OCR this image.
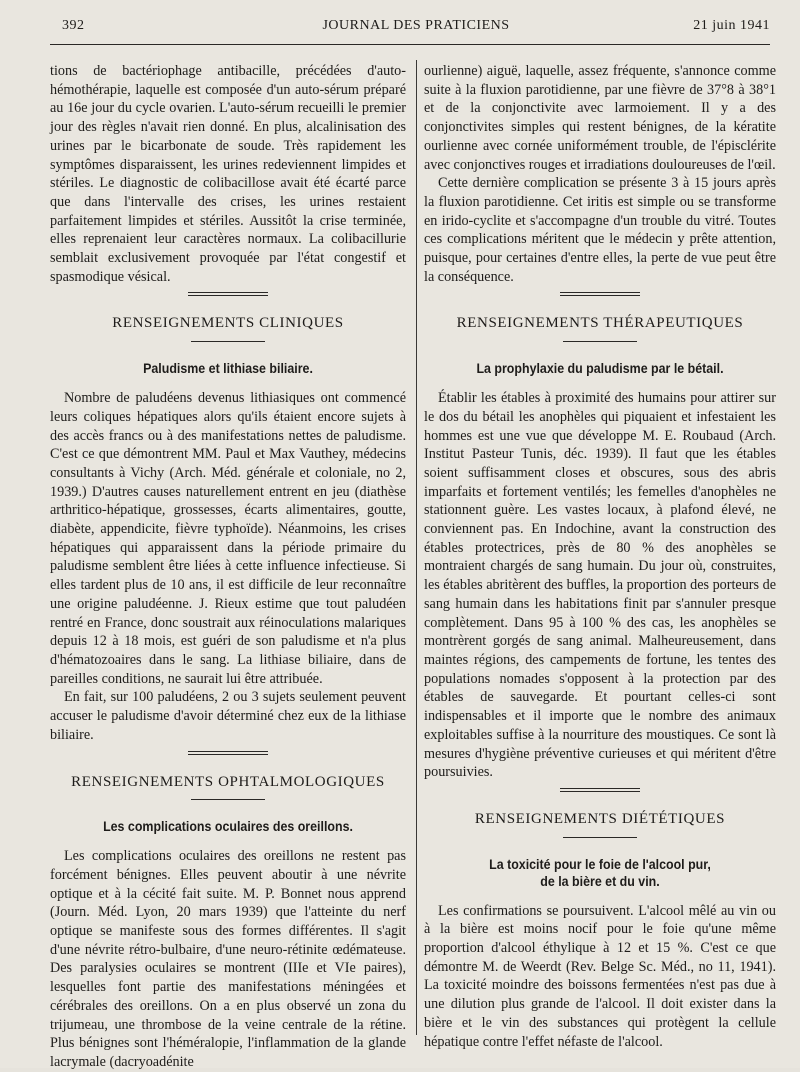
392	JOURNAL DES PRATICIENS	21 juin 1941

tions de bactériophage antibacille, précédées d'auto-hémothérapie, laquelle est composée d'un auto-sérum préparé au 16e jour du cycle ovarien. L'auto-sérum recueilli le premier jour des règles n'avait rien donné. En plus, alcalinisation des urines par le bicarbonate de soude. Très rapidement les symptômes disparaissent, les urines redeviennent limpides et stériles. Le diagnostic de colibacillose avait été écarté parce que dans l'intervalle des crises, les urines restaient parfaitement limpides et stériles. Aussitôt la crise terminée, elles reprenaient leur caractères normaux. La colibacillurie semblait exclusivement provoquée par l'état congestif et spasmodique vésical.

RENSEIGNEMENTS CLINIQUES
Paludisme et lithiase biliaire.

Nombre de paludéens devenus lithiasiques ont commencé leurs coliques hépatiques alors qu'ils étaient encore sujets à des accès francs ou à des manifestations nettes de paludisme. C'est ce que démontrent MM. Paul et Max Vauthey, médecins consultants à Vichy (Arch. Méd. générale et coloniale, no 2, 1939.) D'autres causes naturellement entrent en jeu (diathèse arthritico-hépatique, grossesses, écarts alimentaires, goutte, diabète, appendicite, fièvre typhoïde). Néanmoins, les crises hépatiques qui apparaissent dans la période primaire du paludisme semblent être liées à cette influence infectieuse. Si elles tardent plus de 10 ans, il est difficile de leur reconnaître une origine paludéenne. J. Rieux estime que tout paludéen rentré en France, donc soustrait aux réinoculations malariques depuis 12 à 18 mois, est guéri de son paludisme et n'a plus d'hématozoaires dans le sang. La lithiase biliaire, dans de pareilles conditions, ne saurait lui être attribuée.

En fait, sur 100 paludéens, 2 ou 3 sujets seulement peuvent accuser le paludisme d'avoir déterminé chez eux de la lithiase biliaire.

RENSEIGNEMENTS OPHTALMOLOGIQUES
Les complications oculaires des oreillons.

Les complications oculaires des oreillons ne restent pas forcément bénignes. Elles peuvent aboutir à une névrite optique et à la cécité fait suite. M. P. Bonnet nous apprend (Journ. Méd. Lyon, 20 mars 1939) que l'atteinte du nerf optique se manifeste sous des formes différentes. Il s'agit d'une névrite rétro-bulbaire, d'une neuro-rétinite œdémateuse. Des paralysies oculaires se montrent (IIIe et VIe paires), lesquelles font partie des manifestations méningées et cérébrales des oreillons. On a en plus observé un zona du trijumeau, une thrombose de la veine centrale de la rétine. Plus bénignes sont l'héméralopie, l'inflammation de la glande lacrymale (dacryoadénite

ourlienne) aiguë, laquelle, assez fréquente, s'annonce comme suite à la fluxion parotidienne, par une fièvre de 37°8 à 38°1 et de la conjonctivite avec larmoiement. Il y a des conjonctivites simples qui restent bénignes, de la kératite ourlienne avec cornée uniformément trouble, de l'épisclérite avec conjonctives rouges et irradiations douloureuses de l'œil.

Cette dernière complication se présente 3 à 15 jours après la fluxion parotidienne. Cet iritis est simple ou se transforme en irido-cyclite et s'accompagne d'un trouble du vitré. Toutes ces complications méritent que le médecin y prête attention, puisque, pour certaines d'entre elles, la perte de vue peut être la conséquence.

RENSEIGNEMENTS THÉRAPEUTIQUES
La prophylaxie du paludisme par le bétail.

Établir les étables à proximité des humains pour attirer sur le dos du bétail les anophèles qui piquaient et infestaient les hommes est une vue que développe M. E. Roubaud (Arch. Institut Pasteur Tunis, déc. 1939). Il faut que les étables soient suffisamment closes et obscures, sous des abris imparfaits et fortement ventilés; les femelles d'anophèles ne stationnent guère. Les vastes locaux, à plafond élevé, ne conviennent pas. En Indochine, avant la construction des étables protectrices, près de 80 % des anophèles se montraient chargés de sang humain. Du jour où, construites, les étables abritèrent des buffles, la proportion des porteurs de sang humain dans les habitations finit par s'annuler presque complètement. Dans 95 à 100 % des cas, les anophèles se montrèrent gorgés de sang animal. Malheureusement, dans maintes régions, des campements de fortune, les tentes des populations nomades s'opposent à la protection par des étables de sauvegarde. Et pourtant celles-ci sont indispensables et il importe que le nombre des animaux exploitables suffise à la nourriture des moustiques. Ce sont là mesures d'hygiène préventive curieuses et qui méritent d'être poursuivies.

RENSEIGNEMENTS DIÉTÉTIQUES
La toxicité pour le foie de l'alcool pur,
de la bière et du vin.

Les confirmations se poursuivent. L'alcool mêlé au vin ou à la bière est moins nocif pour le foie qu'une même proportion d'alcool éthylique à 12 et 15 %. C'est ce que démontre M. de Weerdt (Rev. Belge Sc. Méd., no 11, 1941). La toxicité moindre des boissons fermentées n'est pas due à une dilution plus grande de l'alcool. Il doit exister dans la bière et le vin des substances qui protègent la cellule hépatique contre l'effet néfaste de l'alcool.
